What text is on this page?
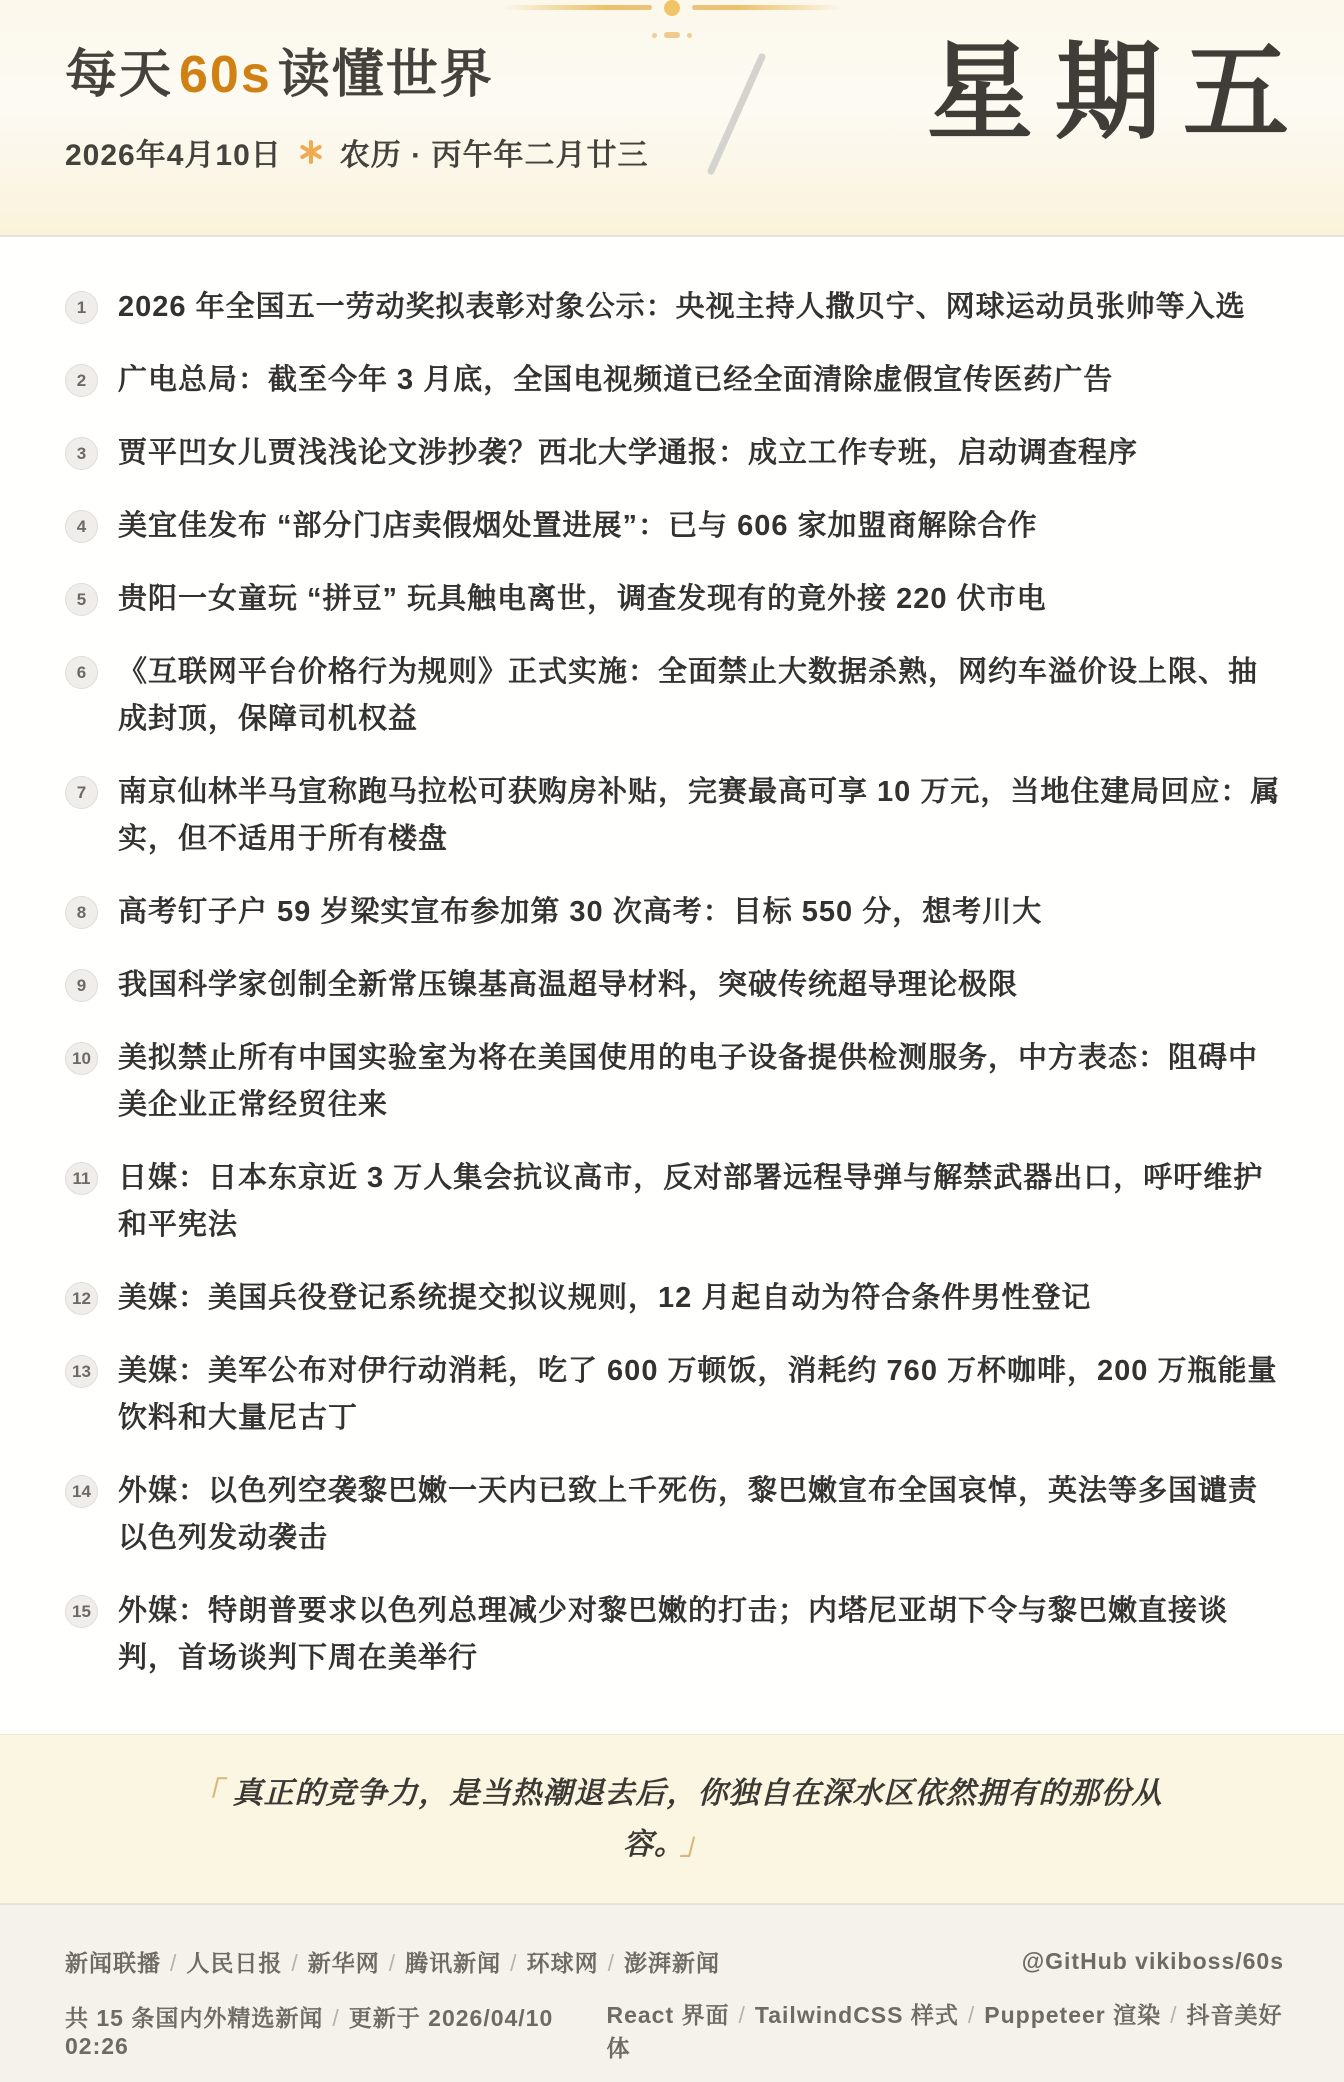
每天 60s 读懂世界
2026年4月10日 农历 · 丙午年二月廿三
星期五
1	2026 年全国五一劳动奖拟表彰对象公示：央视主持人撒贝宁、网球运动员张帅等入选
2	广电总局：截至今年 3 月底，全国电视频道已经全面清除虚假宣传医药广告
3	贾平凹女儿贾浅浅论文涉抄袭？西北大学通报：成立工作专班，启动调查程序
4	美宜佳发布 “部分门店卖假烟处置进展”：已与 606 家加盟商解除合作
5	贵阳一女童玩 “拼豆” 玩具触电离世，调查发现有的竟外接 220 伏市电
6	《互联网平台价格行为规则》正式实施：全面禁止大数据杀熟，网约车溢价设上限、抽成封顶，保障司机权益
7	南京仙林半马宣称跑马拉松可获购房补贴，完赛最高可享 10 万元，当地住建局回应：属实，但不适用于所有楼盘
8	高考钉子户 59 岁梁实宣布参加第 30 次高考：目标 550 分，想考川大
9	我国科学家创制全新常压镍基高温超导材料，突破传统超导理论极限
10 美拟禁止所有中国实验室为将在美国使用的电子设备提供检测服务，中方表态：阻碍中美企业正常经贸往来
11 日媒：日本东京近 3 万人集会抗议高市，反对部署远程导弹与解禁武器出口，呼吁维护和平宪法
12 美媒：美国兵役登记系统提交拟议规则，12 月起自动为符合条件男性登记
13 美媒：美军公布对伊行动消耗，吃了 600 万顿饭，消耗约 760 万杯咖啡，200 万瓶能量饮料和大量尼古丁
14 外媒：以色列空袭黎巴嫩一天内已致上千死伤，黎巴嫩宣布全国哀悼，英法等多国谴责以色列发动袭击
15 外媒：特朗普要求以色列总理减少对黎巴嫩的打击；内塔尼亚胡下令与黎巴嫩直接谈判，首场谈判下周在美举行
「 真正的竞争力，是当热潮退去后，你独自在深水区依然拥有的那份从容。 」
新闻联播 / 人民日报 / 新华网 / 腾讯新闻 / 环球网 / 澎湃新闻	@GitHub vikiboss/60s
共 15 条国内外精选新闻 / 更新于 2026/04/10 02:26
React 界面 / TailwindCSS 样式 / Puppeteer 渲染 / 抖音美好体
